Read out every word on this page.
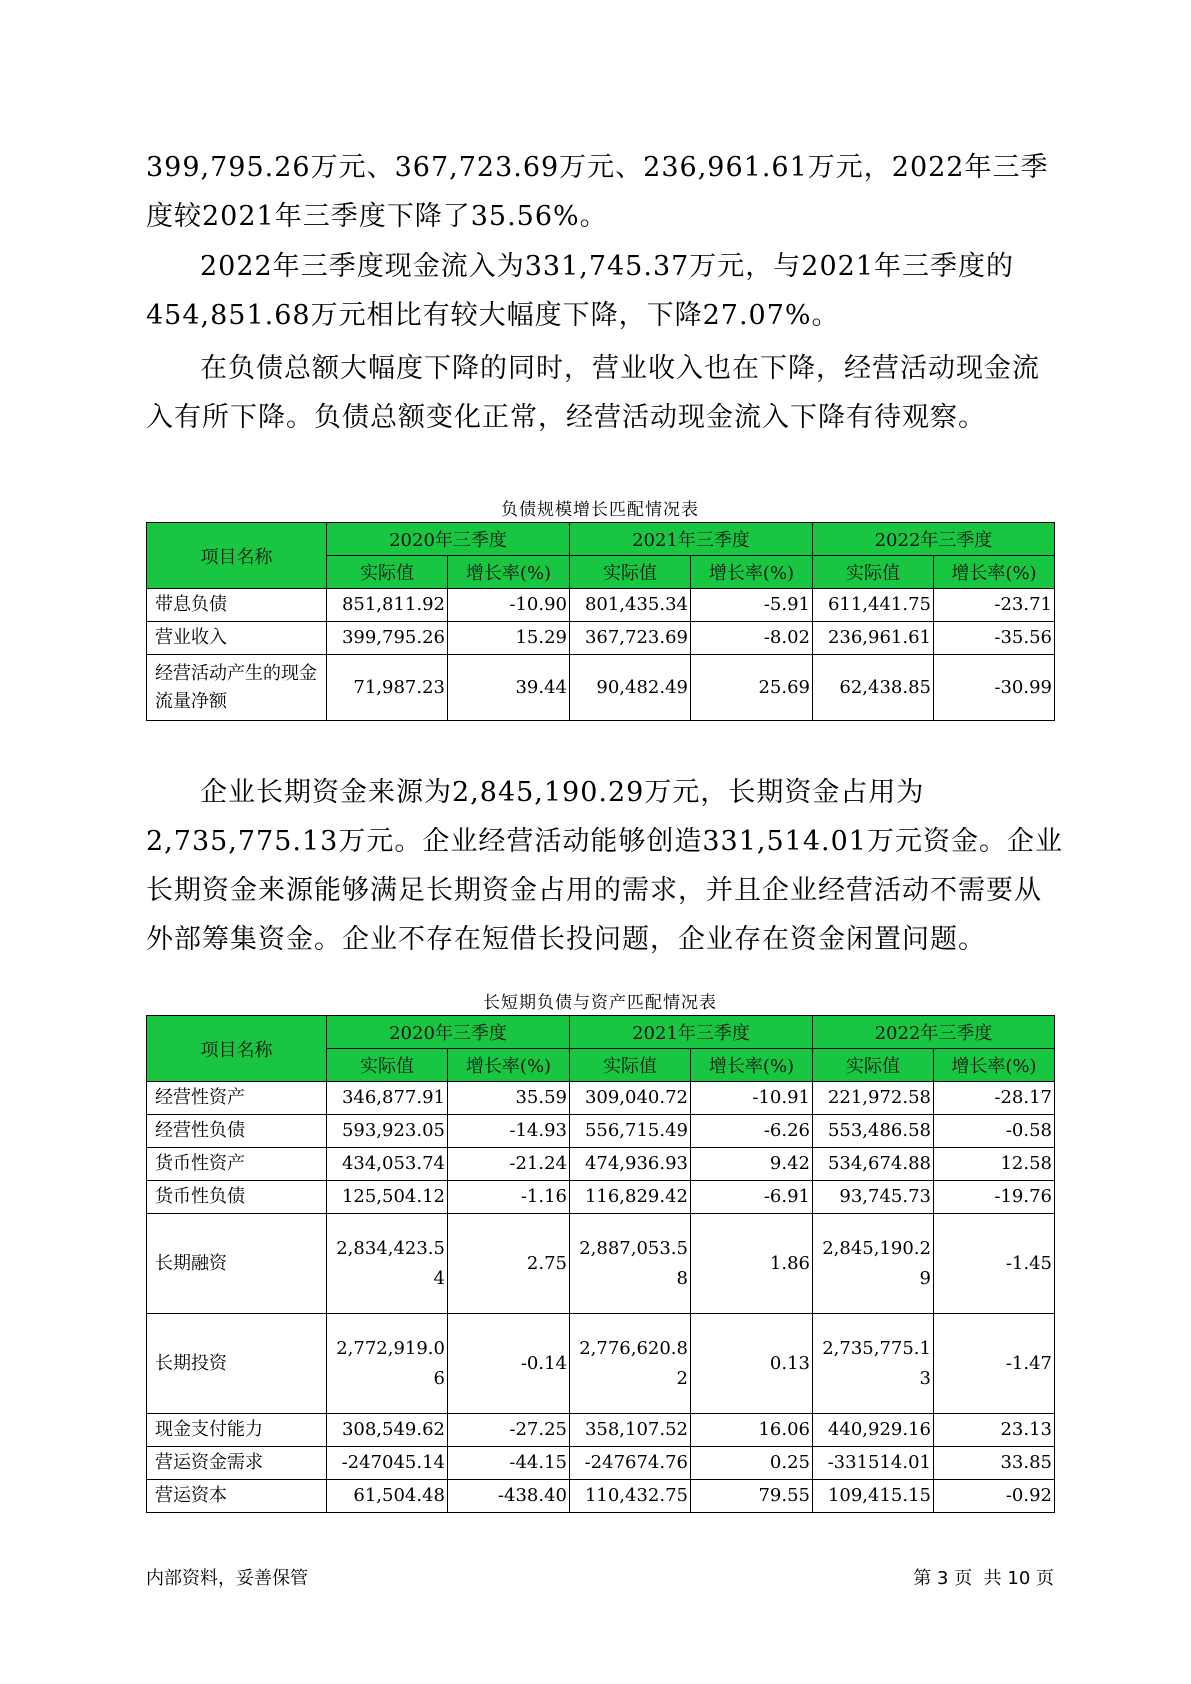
399,795.26万元、367,723.69万元、236,961.61万元，2022年三季度较2021年三季度下降了35.56%。

2022年三季度现金流入为331,745.37万元，与2021年三季度的454,851.68万元相比有较大幅度下降，下降27.07%。

在负债总额大幅度下降的同时，营业收入也在下降，经营活动现金流入有所下降。负债总额变化正常，经营活动现金流入下降有待观察。

负债规模增长匹配情况表
项目名称	2020年三季度		2021年三季度		2022年三季度	
	实际值	增长率(%)	实际值	增长率(%)	实际值	增长率(%)
带息负债	851,811.92	-10.90	801,435.34	-5.91	611,441.75	-23.71
营业收入	399,795.26	15.29	367,723.69	-8.02	236,961.61	-35.56
经营活动产生的现金流量净额	71,987.23	39.44	90,482.49	25.69	62,438.85	-30.99

企业长期资金来源为2,845,190.29万元，长期资金占用为2,735,775.13万元。企业经营活动能够创造331,514.01万元资金。企业长期资金来源能够满足长期资金占用的需求，并且企业经营活动不需要从外部筹集资金。企业不存在短借长投问题，企业存在资金闲置问题。

长短期负债与资产匹配情况表
项目名称	2020年三季度		2021年三季度		2022年三季度	
	实际值	增长率(%)	实际值	增长率(%)	实际值	增长率(%)
经营性资产	346,877.91	35.59	309,040.72	-10.91	221,972.58	-28.17
经营性负债	593,923.05	-14.93	556,715.49	-6.26	553,486.58	-0.58
货币性资产	434,053.74	-21.24	474,936.93	9.42	534,674.88	12.58
货币性负债	125,504.12	-1.16	116,829.42	-6.91	93,745.73	-19.76
长期融资	2,834,423.54	2.75	2,887,053.58	1.86	2,845,190.29	-1.45
长期投资	2,772,919.06	-0.14	2,776,620.82	0.13	2,735,775.13	-1.47
现金支付能力	308,549.62	-27.25	358,107.52	16.06	440,929.16	23.13
营运资金需求	-247045.14	-44.15	-247674.76	0.25	-331514.01	33.85
营运资本	61,504.48	-438.40	110,432.75	79.55	109,415.15	-0.92
内部资料，妥善保管	第 3 页  共 10 页
